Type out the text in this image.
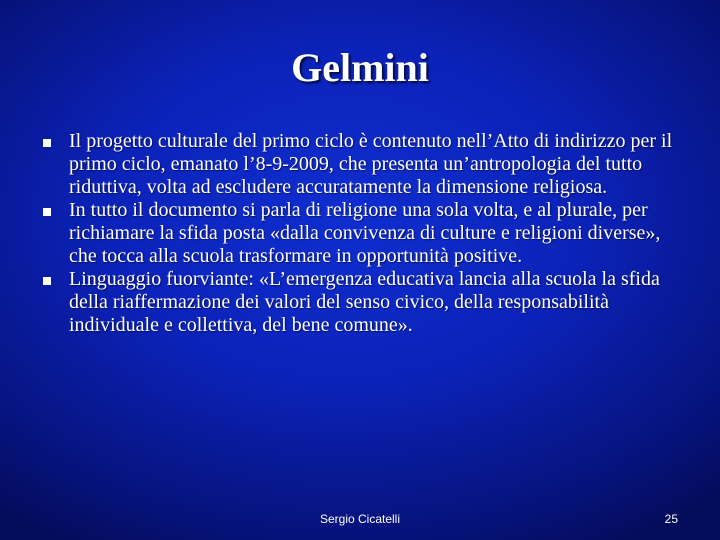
Gelmini
Il progetto culturale del primo ciclo è contenuto nell’Atto di indirizzo per il primo ciclo, emanato l’8-9-2009, che presenta un’antropologia del tutto riduttiva, volta ad escludere accuratamente la dimensione religiosa.
In tutto il documento si parla di religione una sola volta, e al plurale, per richiamare la sfida posta «dalla convivenza di culture e religioni diverse», che tocca alla scuola trasformare in opportunità positive.
Linguaggio fuorviante: «L’emergenza educativa lancia alla scuola la sfida della riaffermazione dei valori del senso civico, della responsabilità individuale e collettiva, del bene comune».
Sergio Cicatelli	25
